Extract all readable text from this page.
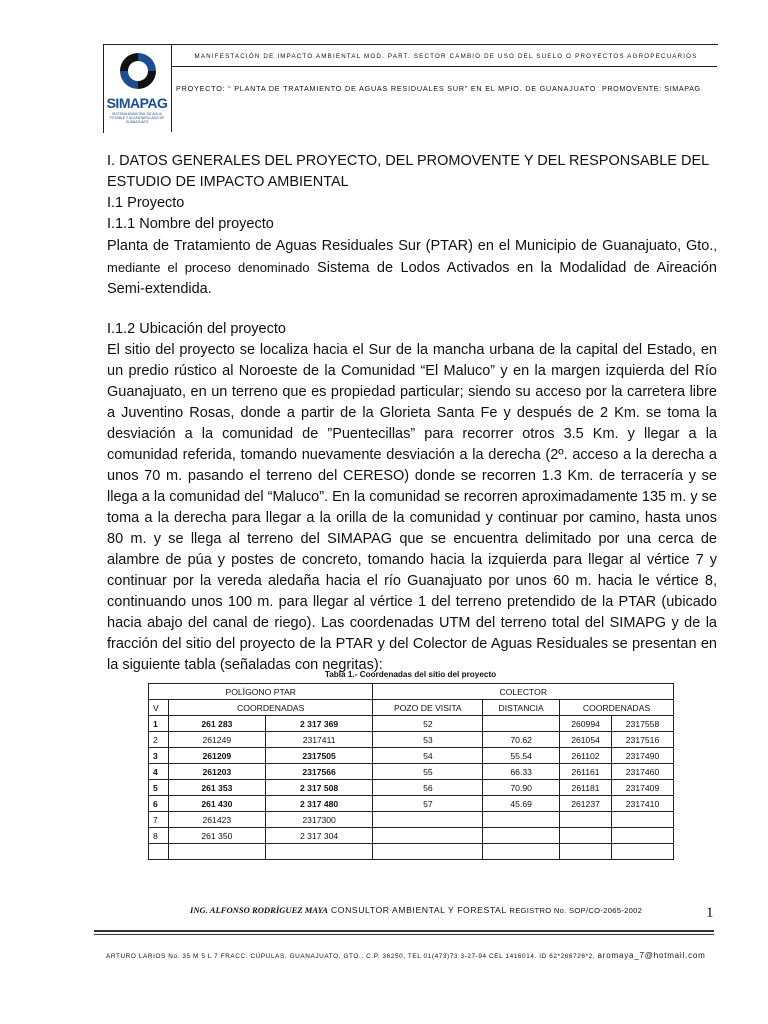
SIMAPAG
SISTEMA MUNICIPAL DE AGUA POTABLE Y ALCANTARILLADO DE GUANAJUATO
MANIFESTACIÓN DE IMPACTO AMBIENTAL MOD. PART. SECTOR CAMBIO DE USO DEL SUELO O PROYECTOS AGROPECUARIOS
PROYECTO: “ PLANTA DE TRATAMIENTO DE AGUAS RESIDUALES SUR” EN EL MPIO. DE GUANAJUATO PROMOVENTE: SIMAPAG
I. DATOS GENERALES DEL PROYECTO, DEL PROMOVENTE Y DEL RESPONSABLE DEL ESTUDIO DE IMPACTO AMBIENTAL
I.1 Proyecto
I.1.1 Nombre del proyecto
Planta de Tratamiento de Aguas Residuales Sur (PTAR) en el Municipio de Guanajuato, Gto., mediante el proceso denominado Sistema de Lodos Activados en la Modalidad de Aireación Semi-extendida.
I.1.2 Ubicación del proyecto
El sitio del proyecto se localiza hacia el Sur de la mancha urbana de la capital del Estado, en un predio rústico al Noroeste de la Comunidad “El Maluco” y en la margen izquierda del Río Guanajuato, en un terreno que es propiedad particular; siendo su acceso por la carretera libre a Juventino Rosas, donde a partir de la Glorieta Santa Fe y después de 2 Km. se toma la desviación a la comunidad de ”Puentecillas” para recorrer otros 3.5 Km. y llegar a la comunidad referida, tomando nuevamente desviación a la derecha (2º. acceso a la derecha a unos 70 m. pasando el terreno del CERESO) donde se recorren 1.3 Km. de terracería y se llega a la comunidad del “Maluco”. En la comunidad se recorren aproximadamente 135 m. y se toma a la derecha para llegar a la orilla de la comunidad y continuar por camino, hasta unos 80 m. y se llega al terreno del SIMAPAG que se encuentra delimitado por una cerca de alambre de púa y postes de concreto, tomando hacia la izquierda para llegar al vértice 7 y continuar por la vereda aledaña hacia el río Guanajuato por unos 60 m. hacia le vértice 8, continuando unos 100 m. para llegar al vértice 1 del terreno pretendido de la PTAR (ubicado hacia abajo del canal de riego). Las coordenadas UTM del terreno total del SIMAPG y de la fracción del sitio del proyecto de la PTAR y del Colector de Aguas Residuales se presentan en la siguiente tabla (señaladas con negritas):
Tabla 1.- Coordenadas del sitio del proyecto
POLÍGONO PTAR			COLECTOR			
V	COORDENADAS		POZO DE VISITA	DISTANCIA	COORDENADAS	
1	261 283	2 317 369	52		260994	2317558
2	261249	2317411	53	70.62	261054	2317516
3	261209	2317505	54	55.54	261102	2317490
4	261203	2317566	55	66.33	261161	2317460
5	261 353	2 317 508	56	70.90	261181	2317409
6	261 430	2 317 480	57	45.69	261237	2317410
7	261423	2317300				
8	261 350	2 317 304				

ING. ALFONSO RODRÍGUEZ MAYA CONSULTOR AMBIENTAL Y FORESTAL REGISTRO No. SOP/CO-2065-2002	1
ARTURO LARIOS No. 35 M 5 L 7 FRACC. CÚPULAS, GUANAJUATO, GTO., C.P. 36250, TEL 01(473)73 3-27-94 CEL 1416014. ID 62*266726*2, aromaya_7@hotmail.com
